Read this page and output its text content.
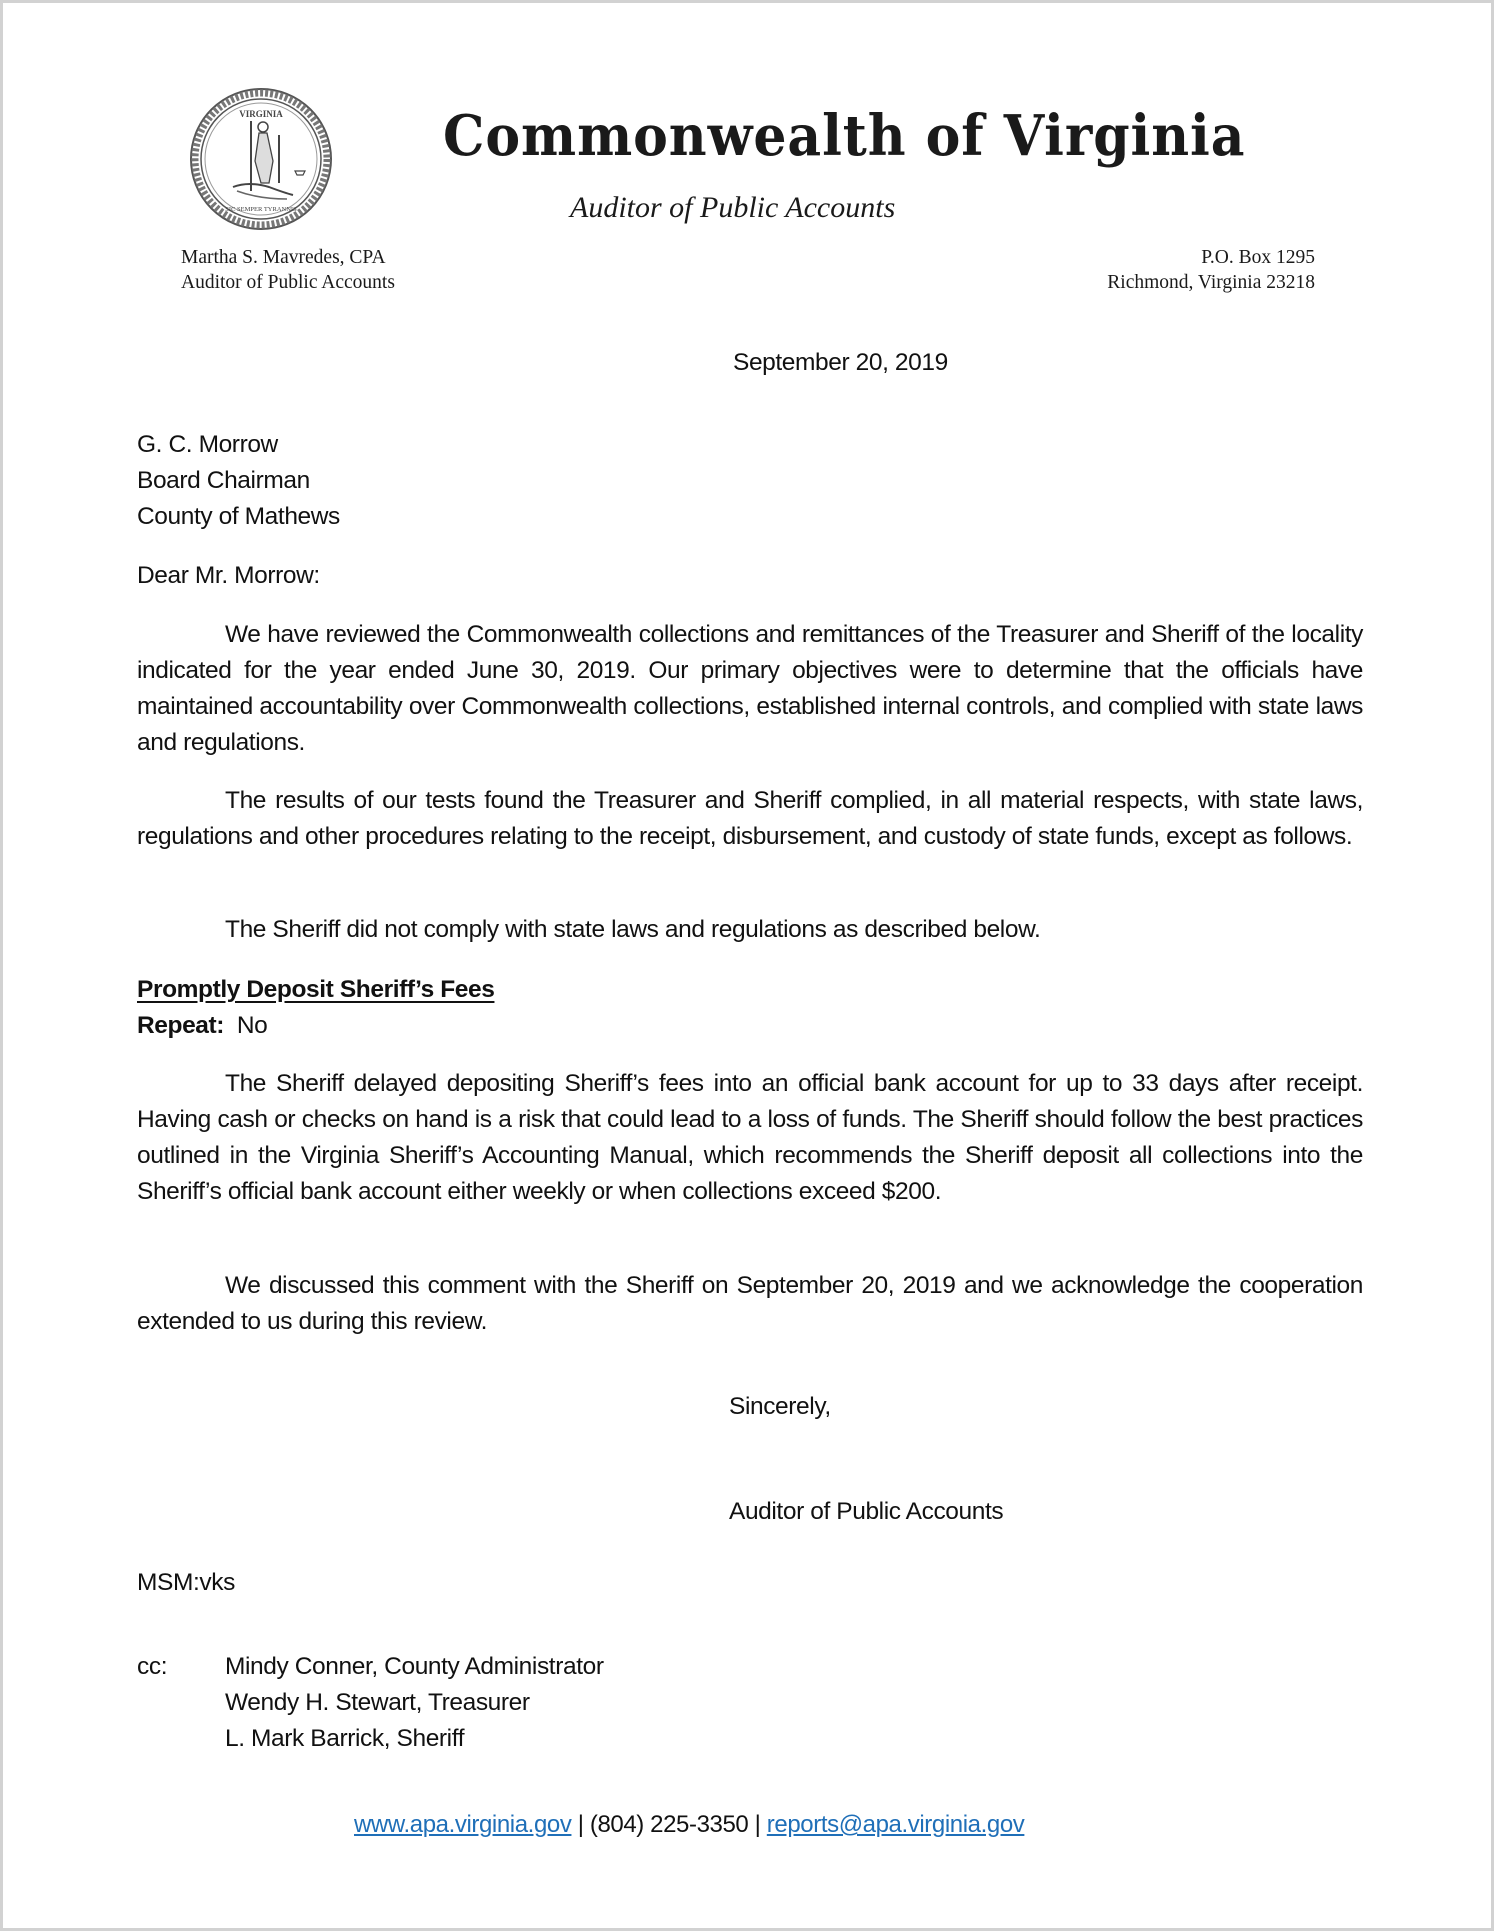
VIRGINIA
SIC SEMPER TYRANNIS
Commonwealth of Virginia
Auditor of Public Accounts
Martha S. Mavredes, CPA
Auditor of Public Accounts
P.O. Box 1295
Richmond, Virginia 23218
September 20, 2019
G. C. Morrow
Board Chairman
County of Mathews
Dear Mr. Morrow:
We have reviewed the Commonwealth collections and remittances of the Treasurer and Sheriff of the locality indicated for the year ended June 30, 2019. Our primary objectives were to determine that the officials have maintained accountability over Commonwealth collections, established internal controls, and complied with state laws and regulations.
The results of our tests found the Treasurer and Sheriff complied, in all material respects, with state laws, regulations and other procedures relating to the receipt, disbursement, and custody of state funds, except as follows.
The Sheriff did not comply with state laws and regulations as described below.
Promptly Deposit Sheriff’s Fees
Repeat: No
The Sheriff delayed depositing Sheriff’s fees into an official bank account for up to 33 days after receipt. Having cash or checks on hand is a risk that could lead to a loss of funds. The Sheriff should follow the best practices outlined in the Virginia Sheriff’s Accounting Manual, which recommends the Sheriff deposit all collections into the Sheriff’s official bank account either weekly or when collections exceed $200.
We discussed this comment with the Sheriff on September 20, 2019 and we acknowledge the cooperation extended to us during this review.
Sincerely,
Auditor of Public Accounts
MSM:vks
cc: Mindy Conner, County Administrator
Wendy H. Stewart, Treasurer
L. Mark Barrick, Sheriff
www.apa.virginia.gov | (804) 225-3350 | reports@apa.virginia.gov
